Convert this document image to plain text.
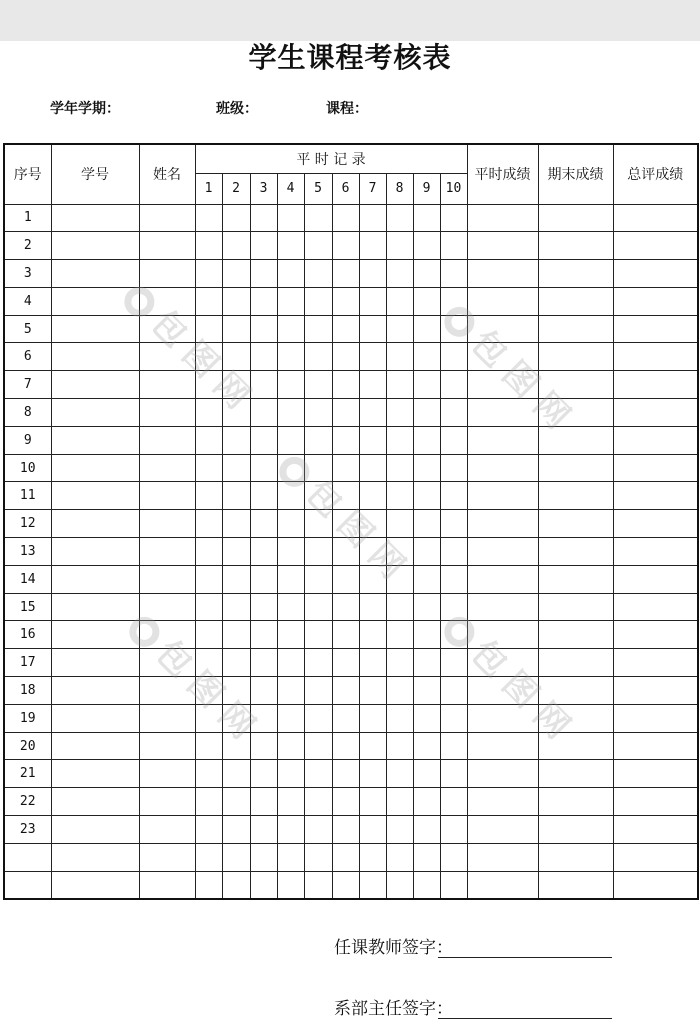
学生课程考核表
学年学期：	班级：	课程：
序号	学号	姓名	平 时 记 录										平时成绩	期末成绩	总评成绩
			1	2	3	4	5	6	7	8	9	10			
1															
2															
3															
4															
5															
6															
7															
8															
9															
10															
11															
12															
13															
14															
15															
16															
17															
18															
19															
20															
21															
22															
23															

任课教师签字：
系部主任签字：
包图网	包图网
包图网
包图网	包图网
